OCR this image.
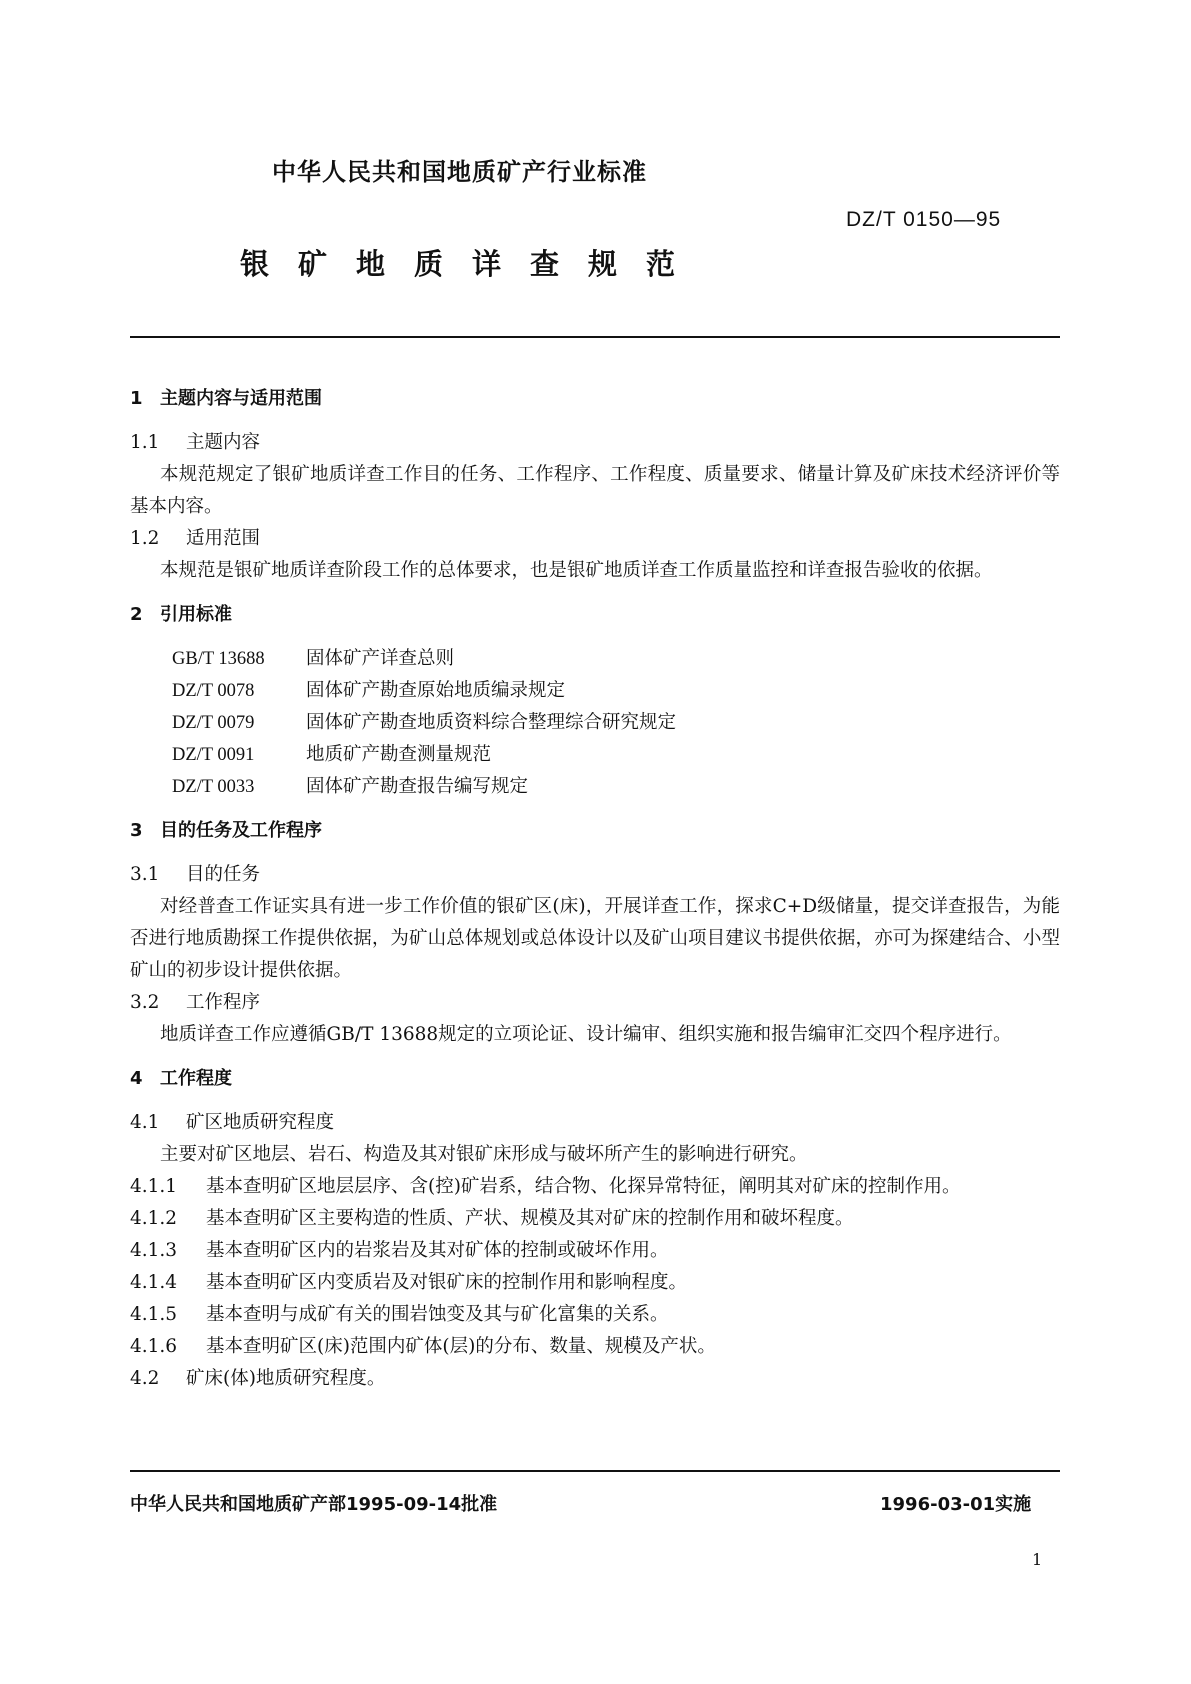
中华人民共和国地质矿产行业标准
DZ/T 0150—95
银矿地质详查规范
1 主题内容与适用范围
1.1 主题内容
本规范规定了银矿地质详查工作目的任务、工作程序、工作程度、质量要求、储量计算及矿床技术经济评价等基本内容。
1.2 适用范围
本规范是银矿地质详查阶段工作的总体要求，也是银矿地质详查工作质量监控和详查报告验收的依据。
2 引用标准
GB/T 13688 固体矿产详查总则
DZ/T 0078	固体矿产勘查原始地质编录规定
DZ/T 0079	固体矿产勘查地质资料综合整理综合研究规定
DZ/T 0091	地质矿产勘查测量规范
DZ/T 0033	固体矿产勘查报告编写规定
3 目的任务及工作程序
3.1 目的任务
对经普查工作证实具有进一步工作价值的银矿区(床)，开展详查工作，探求C+D级储量，提交详查报告，为能否进行地质勘探工作提供依据，为矿山总体规划或总体设计以及矿山项目建议书提供依据，亦可为探建结合、小型矿山的初步设计提供依据。
3.2 工作程序
地质详查工作应遵循GB/T 13688规定的立项论证、设计编审、组织实施和报告编审汇交四个程序进行。
4 工作程度
4.1 矿区地质研究程度
主要对矿区地层、岩石、构造及其对银矿床形成与破坏所产生的影响进行研究。
4.1.1 基本查明矿区地层层序、含(控)矿岩系，结合物、化探异常特征，阐明其对矿床的控制作用。
4.1.2 基本查明矿区主要构造的性质、产状、规模及其对矿床的控制作用和破坏程度。
4.1.3 基本查明矿区内的岩浆岩及其对矿体的控制或破坏作用。
4.1.4 基本查明矿区内变质岩及对银矿床的控制作用和影响程度。
4.1.5 基本查明与成矿有关的围岩蚀变及其与矿化富集的关系。
4.1.6 基本查明矿区(床)范围内矿体(层)的分布、数量、规模及产状。
4.2 矿床(体)地质研究程度。
中华人民共和国地质矿产部1995-09-14批准	1996-03-01实施
1
